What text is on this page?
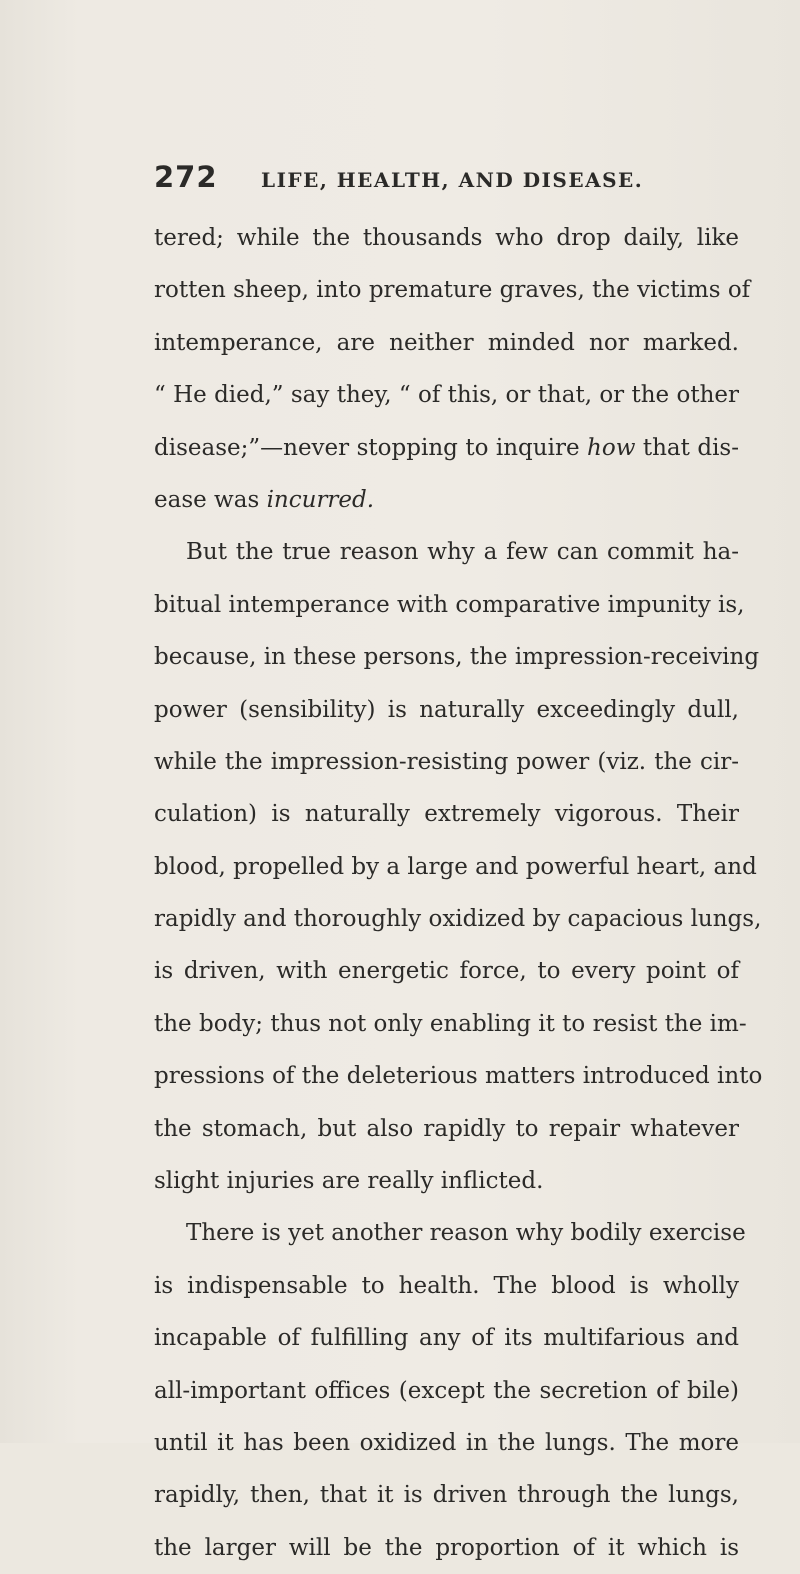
272	LIFE, HEALTH, AND DISEASE.
tered; while the thousands who drop daily, like
rotten sheep, into premature graves, the victims of
intemperance, are neither minded nor marked.
“ He died,” say they, “ of this, or that, or the other
disease;”—never stopping to inquire how that dis-
ease was incurred.
But the true reason why a few can commit ha-
bitual intemperance with comparative impunity is,
because, in these persons, the impression-receiving
power (sensibility) is naturally exceedingly dull,
while the impression-resisting power (viz. the cir-
culation) is naturally extremely vigorous. Their
blood, propelled by a large and powerful heart, and
rapidly and thoroughly oxidized by capacious lungs,
is driven, with energetic force, to every point of
the body; thus not only enabling it to resist the im-
pressions of the deleterious matters introduced into
the stomach, but also rapidly to repair whatever
slight injuries are really inflicted.
There is yet another reason why bodily exercise
is indispensable to health. The blood is wholly
incapable of fulfilling any of its multifarious and
all-important offices (except the secretion of bile)
until it has been oxidized in the lungs. The more
rapidly, then, that it is driven through the lungs,
the larger will be the proportion of it which is
